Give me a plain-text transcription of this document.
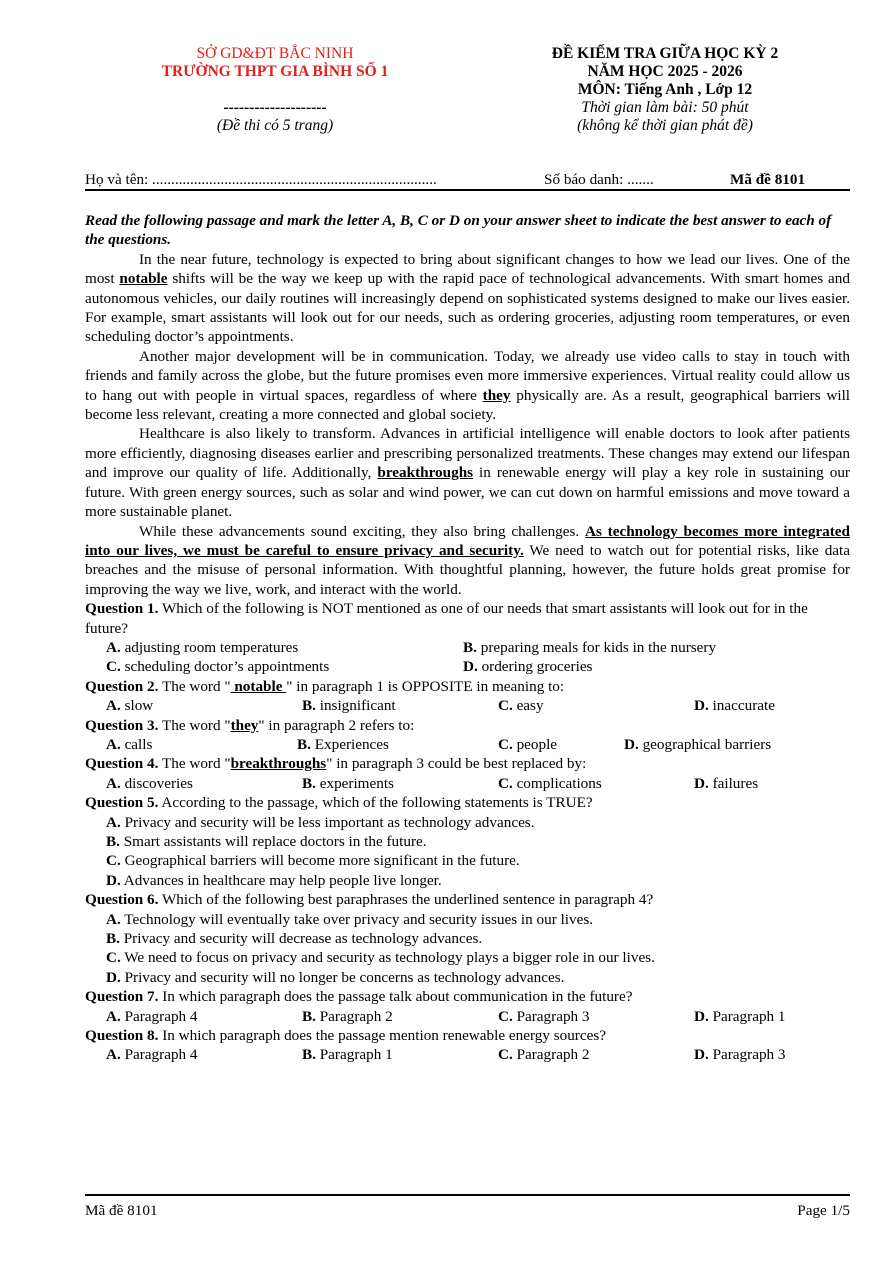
SỞ GD&ĐT BẮC NINH
TRƯỜNG THPT GIA BÌNH SỐ 1
--------------------
(Đề thi có 5 trang)
ĐỀ KIỂM TRA GIỮA HỌC KỲ 2
NĂM HỌC 2025 - 2026
MÔN: Tiếng Anh , Lớp 12
Thời gian làm bài: 50 phút
(không kể thời gian phát đề)
Họ và tên: ...........................................................................	Số báo danh: .......	Mã đề 8101

Read the following passage and mark the letter A, B, C or D on your answer sheet to indicate the best answer to each of the questions.

In the near future, technology is expected to bring about significant changes to how we lead our lives. One of the most notable shifts will be the way we keep up with the rapid pace of technological advancements. With smart homes and autonomous vehicles, our daily routines will increasingly depend on sophisticated systems designed to make our lives easier. For example, smart assistants will look out for our needs, such as ordering groceries, adjusting room temperatures, or even scheduling doctor’s appointments.

Another major development will be in communication. Today, we already use video calls to stay in touch with friends and family across the globe, but the future promises even more immersive experiences. Virtual reality could allow us to hang out with people in virtual spaces, regardless of where they physically are. As a result, geographical barriers will become less relevant, creating a more connected and global society.

Healthcare is also likely to transform. Advances in artificial intelligence will enable doctors to look after patients more efficiently, diagnosing diseases earlier and prescribing personalized treatments. These changes may extend our lifespan and improve our quality of life. Additionally, breakthroughs in renewable energy will play a key role in sustaining our future. With green energy sources, such as solar and wind power, we can cut down on harmful emissions and move toward a more sustainable planet.

While these advancements sound exciting, they also bring challenges. As technology becomes more integrated into our lives, we must be careful to ensure privacy and security. We need to watch out for potential risks, like data breaches and the misuse of personal information. With thoughtful planning, however, the future holds great promise for improving the way we live, work, and interact with the world.

Question 1. Which of the following is NOT mentioned as one of our needs that smart assistants will look out for in the future?

A. adjusting room temperatures	B. preparing meals for kids in the nursery
C. scheduling doctor’s appointments	D. ordering groceries

Question 2. The word " notable " in paragraph 1 is OPPOSITE in meaning to:

A. slow	B. insignificant	C. easy	D. inaccurate

Question 3. The word "they" in paragraph 2 refers to:

A. calls	B. Experiences	C. people	D. geographical barriers

Question 4. The word "breakthroughs" in paragraph 3 could be best replaced by:

A. discoveries	B. experiments	C. complications	D. failures

Question 5. According to the passage, which of the following statements is TRUE?

A. Privacy and security will be less important as technology advances.

B. Smart assistants will replace doctors in the future.

C. Geographical barriers will become more significant in the future.

D. Advances in healthcare may help people live longer.

Question 6. Which of the following best paraphrases the underlined sentence in paragraph 4?

A. Technology will eventually take over privacy and security issues in our lives.

B. Privacy and security will decrease as technology advances.

C. We need to focus on privacy and security as technology plays a bigger role in our lives.

D. Privacy and security will no longer be concerns as technology advances.

Question 7. In which paragraph does the passage talk about communication in the future?

A. Paragraph 4	B. Paragraph 2	C. Paragraph 3	D. Paragraph 1

Question 8. In which paragraph does the passage mention renewable energy sources?

A. Paragraph 4	B. Paragraph 1	C. Paragraph 2	D. Paragraph 3
Mã đề 8101	Page 1/5
